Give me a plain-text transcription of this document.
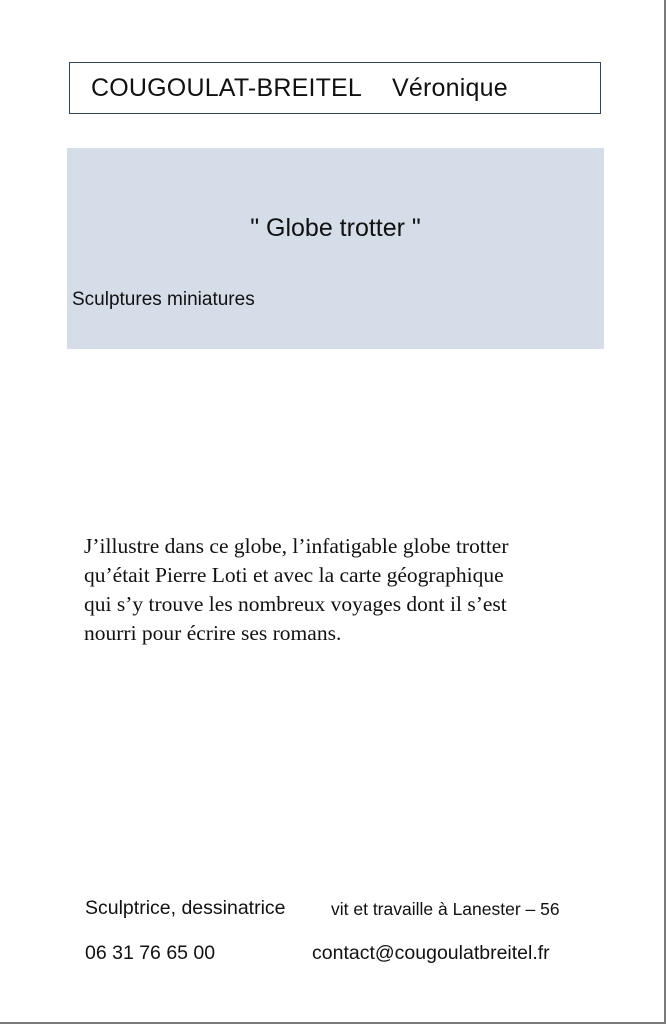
COUGOULAT-BREITEL Véronique
" Globe trotter "
Sculptures miniatures
J’illustre dans ce globe, l’infatigable globe trotter
qu’était Pierre Loti et avec la carte géographique
qui s’y trouve les nombreux voyages dont il s’est
nourri pour écrire ses romans.
Sculptrice, dessinatrice	vit et travaille à Lanester – 56
06 31 76 65 00	contact@cougoulatbreitel.fr
